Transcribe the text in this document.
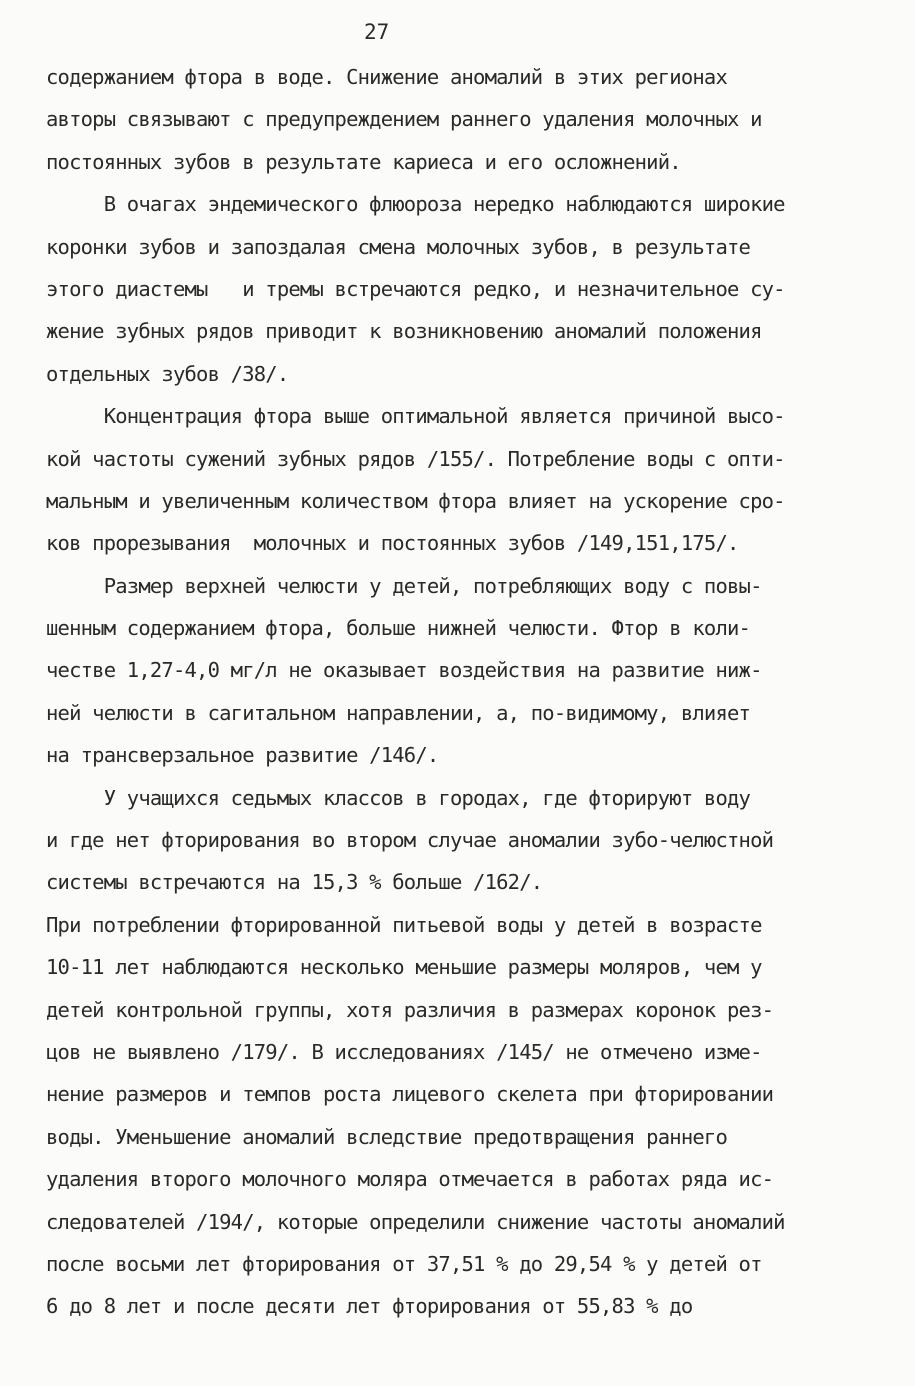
27
содержанием фтора в воде. Снижение аномалий в этих регионах
авторы связывают с предупреждением раннего удаления молочных и
постоянных зубов в результате кариеса и его осложнений.
В очагах эндемического флюороза нередко наблюдаются широкие
коронки зубов и запоздалая смена молочных зубов, в результате
этого диастемы   и тремы встречаются редко, и незначительное су-
жение зубных рядов приводит к возникновению аномалий положения
отдельных зубов /38/.
Концентрация фтора выше оптимальной является причиной высо-
кой частоты сужений зубных рядов /155/. Потребление воды с опти-
мальным и увеличенным количеством фтора влияет на ускорение сро-
ков прорезывания  молочных и постоянных зубов /149,151,175/.
Размер верхней челюсти у детей, потребляющих воду с повы-
шенным содержанием фтора, больше нижней челюсти. Фтор в коли-
честве 1,27-4,0 мг/л не оказывает воздействия на развитие ниж-
ней челюсти в сагитальном направлении, а, по-видимому, влияет
на трансверзальное развитие /146/.
У учащихся седьмых классов в городах, где фторируют воду
и где нет фторирования во втором случае аномалии зубо-челюстной
системы встречаются на 15,3 % больше /162/.
При потреблении фторированной питьевой воды у детей в возрасте
10-11 лет наблюдаются несколько меньшие размеры моляров, чем у
детей контрольной группы, хотя различия в размерах коронок рез-
цов не выявлено /179/. В исследованиях /145/ не отмечено изме-
нение размеров и темпов роста лицевого скелета при фторировании
воды. Уменьшение аномалий вследствие предотвращения раннего
удаления второго молочного моляра отмечается в работах ряда ис-
следователей /194/, которые определили снижение частоты аномалий
после восьми лет фторирования от 37,51 % до 29,54 % у детей от
6 до 8 лет и после десяти лет фторирования от 55,83 % до
